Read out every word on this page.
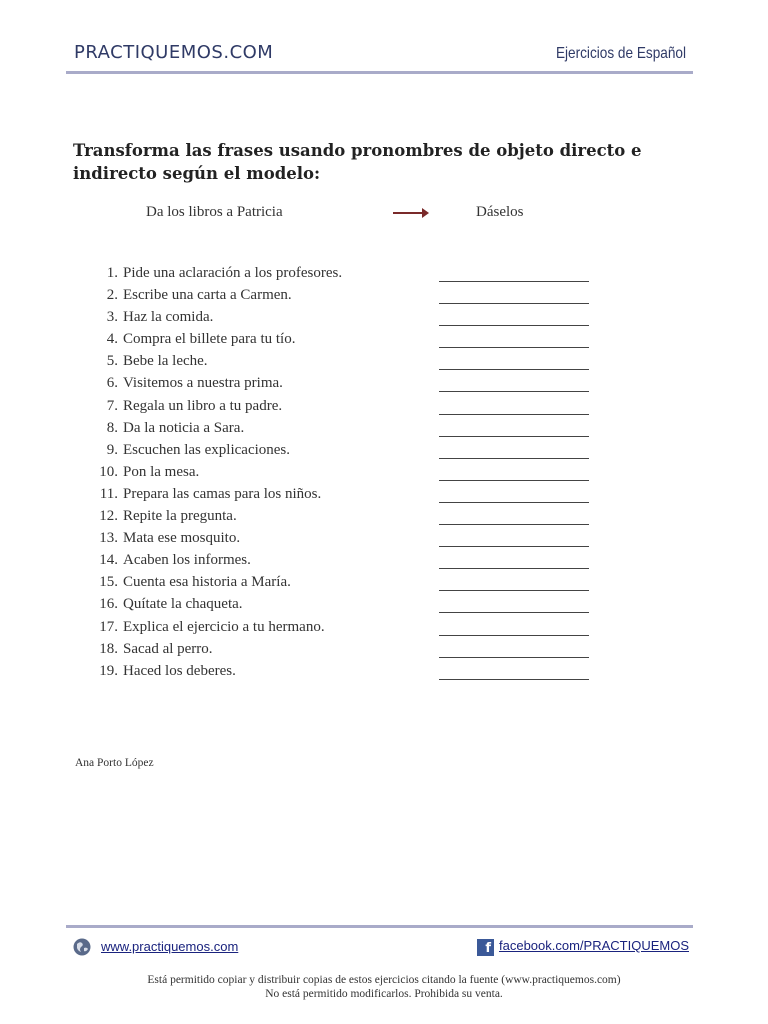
PRACTIQUEMOS.COM	Ejercicios de Español
Transforma las frases usando pronombres de objeto directo e indirecto según el modelo:
Da los libros a Patricia	Dáselos
1. Pide una aclaración a los profesores.
2. Escribe una carta a Carmen.
3. Haz la comida.
4. Compra el billete para tu tío.
5. Bebe la leche.
6. Visitemos a nuestra prima.
7. Regala un libro a tu padre.
8. Da la noticia a Sara.
9. Escuchen las explicaciones.
10. Pon la mesa.
11. Prepara las camas para los niños.
12. Repite la pregunta.
13. Mata ese mosquito.
14. Acaben los informes.
15. Cuenta esa historia a María.
16. Quítate la chaqueta.
17. Explica el ejercicio a tu hermano.
18. Sacad al perro.
19. Haced los deberes.
Ana Porto López
www.practiquemos.com	f facebook.com/PRACTIQUEMOS
Está permitido copiar y distribuir copias de estos ejercicios citando la fuente (www.practiquemos.com)
No está permitido modificarlos. Prohibida su venta.
